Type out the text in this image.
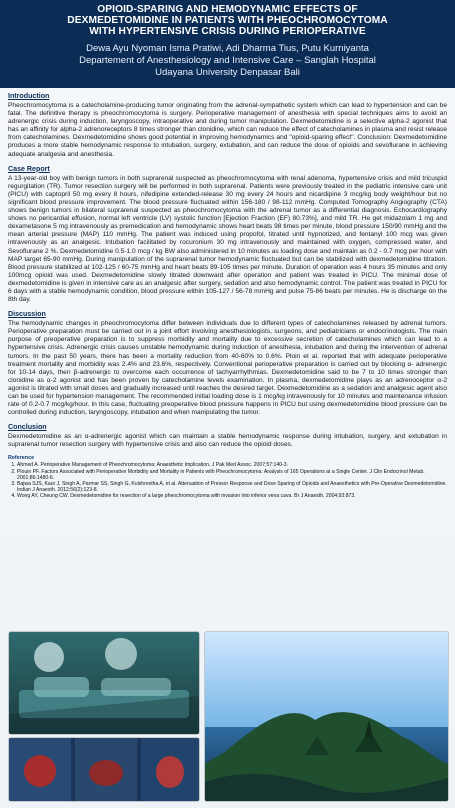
OPIOID-SPARING AND HEMODYNAMIC EFFECTS OF
DEXMEDETOMIDINE IN PATIENTS WITH PHEOCHROMOCYTOMA
WITH HYPERTENSIVE CRISIS DURING PERIOPERATIVE
Dewa Ayu Nyoman Isma Pratiwi, Adi Dharma Tius, Putu Kurniyanta
Departement of Anesthesiology and Intensive Care – Sanglah Hospital
Udayana University Denpasar Bali
Introduction

Pheochromocytoma is a catecholamine-producing tumor originating from the adrenal-sympathetic system which can lead to hypertension and can be fatal. The definitive therapy is pheochromocytoma is surgery. Perioperative management of anesthesia with special techniques aims to avoid an adrenergic crisis during induction, laryngoscopy, intraoperative and during tumor manipulation. Dexmedetomidine is a selective alpha-2 agonist that has an affinity for alpha-2 adrenoreceptors 8 times stronger than clonidine, which can reduce the effect of catecholamines in plasma and resist release from catecholamines. Dexmedetomidine shows good potential in improving hemodynamics and "opioid-sparing effect". Conclusion: Dexmedetomidine produces a more stable hemodynamic response to intubation, surgery, extubation, and can reduce the dose of opioids and sevoflurane in achieving adequate analgesia and anesthesia.

Case Report

A 13-year-old boy with benign tumors in both suprarenal suspected as pheochromocytoma with renal adenoma, hypertensive crisis and mild tricuspid regurgitation (TR). Tumor resection surgery will be performed in both suprarenal. Patients were previously treated in the pediatric intensive care unit (PICU) with captopril 50 mg every 8 hours, nifedipine extended-release 30 mg every 24 hours and nicardipine 3 mcg/kg body weight/hour but no significant blood pressure improvement. The blood pressure fluctuated within 156-180 / 98-112 mmHg. Computed Tomography Angiography (CTA) shows benign tumors in bilateral suprarenal suspected as pheochromocytoma with the adrenal tumor as a differential diagnosis. Echocardiography shows no pericardial effusion, normal left ventricle (LV) systolic function [Ejection Fraction (EF) 80.73%], and mild TR. He get midazolam 1 mg and dexametasone 5 mg intravenously as premedication and hemodynamic shows heart beats 98 times per minute, blood pressure 150/90 mmHg and the mean arterial pressure (MAP) 110 mmHg. The patient was induced using propofol, titrated until hypnotized, and fentanyl 100 mcg was given intravenously as an analgesic. Intubation facilitated by rocuronium 30 mg intravenously and maintained with oxygen, compressed water, and Sevoflurane 2 %. Dexmedetomidine 0.5-1.0 mcg / kg BW also administered in 10 minutes as loading dose and maintain as 0.2 - 0.7 mcg per hour with MAP target 65-90 mmHg. During manipulation of the suprarenal tumor hemodynamic fluctuated but can be stabilized with dexmedetomidine titration. Blood pressure stabilized at 102-125 / 60-75 mmHg and heart beats 89-105 times per minute. Duration of operation was 4 hours 35 minutes and only 100mcg opioid was used. Dexmedetomidine slowly titrated downward after operation and patient was treated in PICU. The minimal dose of dexmedetomidine is given in intensive care as an analgesic after surgery, sedation and also hemodynamic control. The patient was treated in PICU for 6 days with a stable hemodynamic condition, blood pressure within 105-127 / 56-78 mmHg and pulse 75-86 beats per minutes. He is discharge on the 8th day.

Discussion

The hemodynamic changes in pheochromocytoma differ between individuals due to different types of catecholamines released by adrenal tumors. Perioperative preparation must be carried out in a joint effort involving anesthesiologists, surgeons, and pediatricians or endocrinologists. The main purpose of preoperative preparation is to suppress morbidity and mortality due to excessive secretion of catecholamines which can lead to a hypertensive crisis. Adrenergic crisis causes unstable hemodynamic during induction of anesthesia, intubation and during the intervention of adrenal tumors. In the past 50 years, there has been a mortality reduction from 40-60% to 0.6%. Ploin et al. reported that with adequate perioperative treatment mortality and morbidity was 2.4% and 23.6%, respectively. Conventional perioperative preparation is carried out by blocking α- adrenergic for 10-14 days, then β-adrenergic to overcome each occurrence of tachyarrhythmias. Dexmedetomidine said to be 7 to 10 times stronger than clonidine as α-2 agonist and has been proven by catecholamine levels examination. In plasma, dexmedetomidine plays as an adrenoceptor α-2 agonist is titrated with small doses and gradually increased until reaches the desired target. Dexmedetomidine as a sedation and analgesic agent also can be used for hypertension management. The recommended initial loading dose is 1 mcg/kg intravenously for 10 minutes and maintenance infusion rate of 0.2-0.7 mcg/kg/hour. In this case, fluctuating preoperative blood pressure happens in PICU but using dexmedetomidine blood pressure can be controlled during induction, laryngoscopy, intubation and when manipulating the tumor.

Conclusion

Dexmedetomidine as an α-adrenergic agonist which can maintain a stable hemodynamic response during intubation, surgery, and extubation in suprarenal tumor resection surgery with hypertensive crisis and also can reduce the opioid doses.

Reference
1. Ahmed A. Perioperative Management of Pheochromocytoma: Anaesthetic Implication. J Pak Med Assoc. 2007;57:140-3.
2. Plouin PF. Factors Associated with Perioperative Morbidity and Mortality in Patients with Pheochromocytoma: Analysis of 165 Operations at a Single Center. J Clin Endocrinol Metab. 2001;86:1480-6.
3. Bajwa SJS, Kaur J, Singh A, Parmar SS, Singh G, Kulshrestha A, et al. Attenuation of Pressor Response and Dose Sparing of Opioids and Anaesthetics with Pre-Operative Dexmedetomidine. Indian J Anaesth. 2012;56(2):123-8.
4. Wong AY, Cheung CW. Dexmedetomidine for resection of a large pheochromocytoma with invasion into inferior vena cava. Br J Anaesth. 2004;93:873.
